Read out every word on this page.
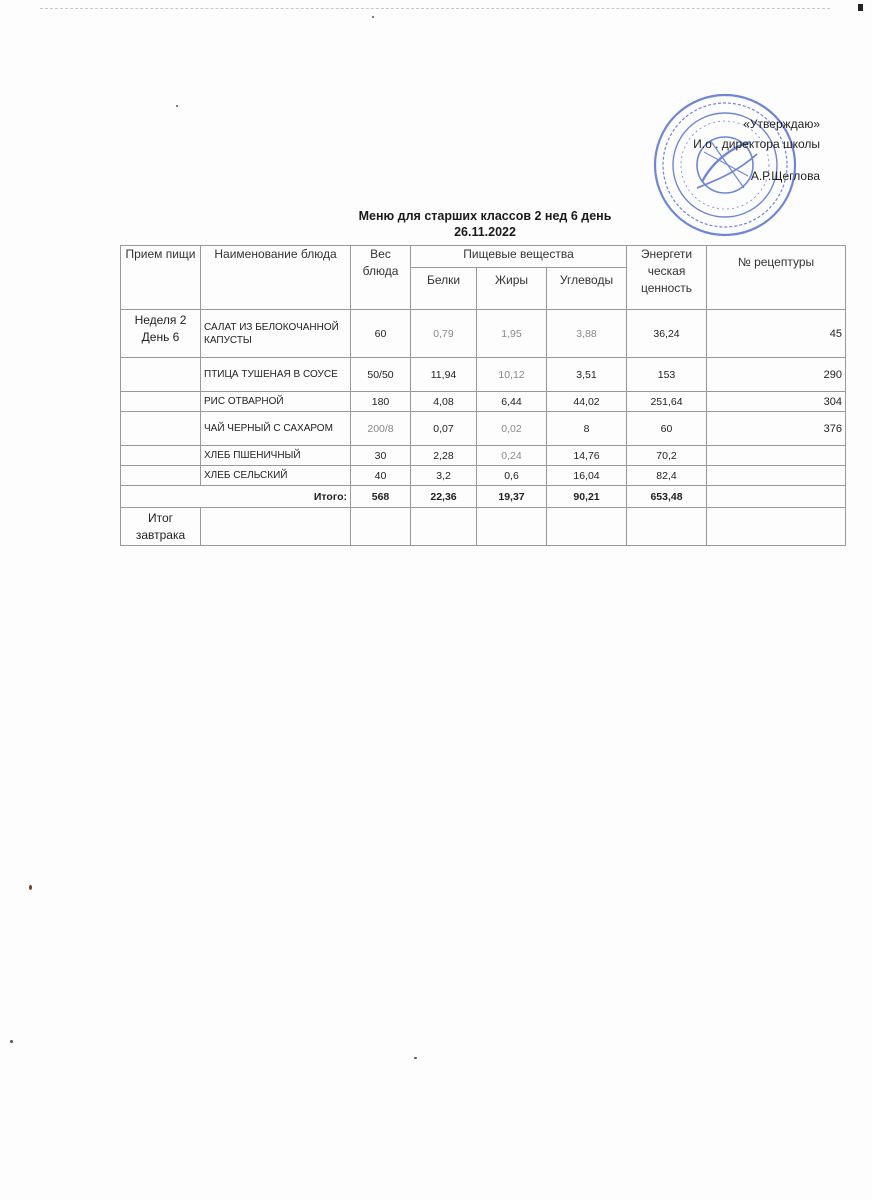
«Утверждаю»
И.о . директора школы
А.Р.Щеглова
Меню для старших классов 2 нед 6 день
26.11.2022
Прием пищи	Наименование блюда	Вес блюда	Пищевые вещества			Энергети ческая ценность	№ рецептуры
			Белки	Жиры	Углеводы		

Неделя 2
День 6	САЛАТ ИЗ БЕЛОКОЧАННОЙ КАПУСТЫ	60	0,79	1,95	3,88	36,24	45
	ПТИЦА ТУШЕНАЯ В СОУСЕ	50/50	11,94	10,12	3,51	153	290
	РИС ОТВАРНОЙ	180	4,08	6,44	44,02	251,64	304
	ЧАЙ ЧЕРНЫЙ С САХАРОМ	200/8	0,07	0,02	8	60	376
	ХЛЕБ ПШЕНИЧНЫЙ	30	2,28	0,24	14,76	70,2	
	ХЛЕБ СЕЛЬСКИЙ	40	3,2	0,6	16,04	82,4	
Итого:		568	22,36	19,37	90,21	653,48	
Итог завтрака							
